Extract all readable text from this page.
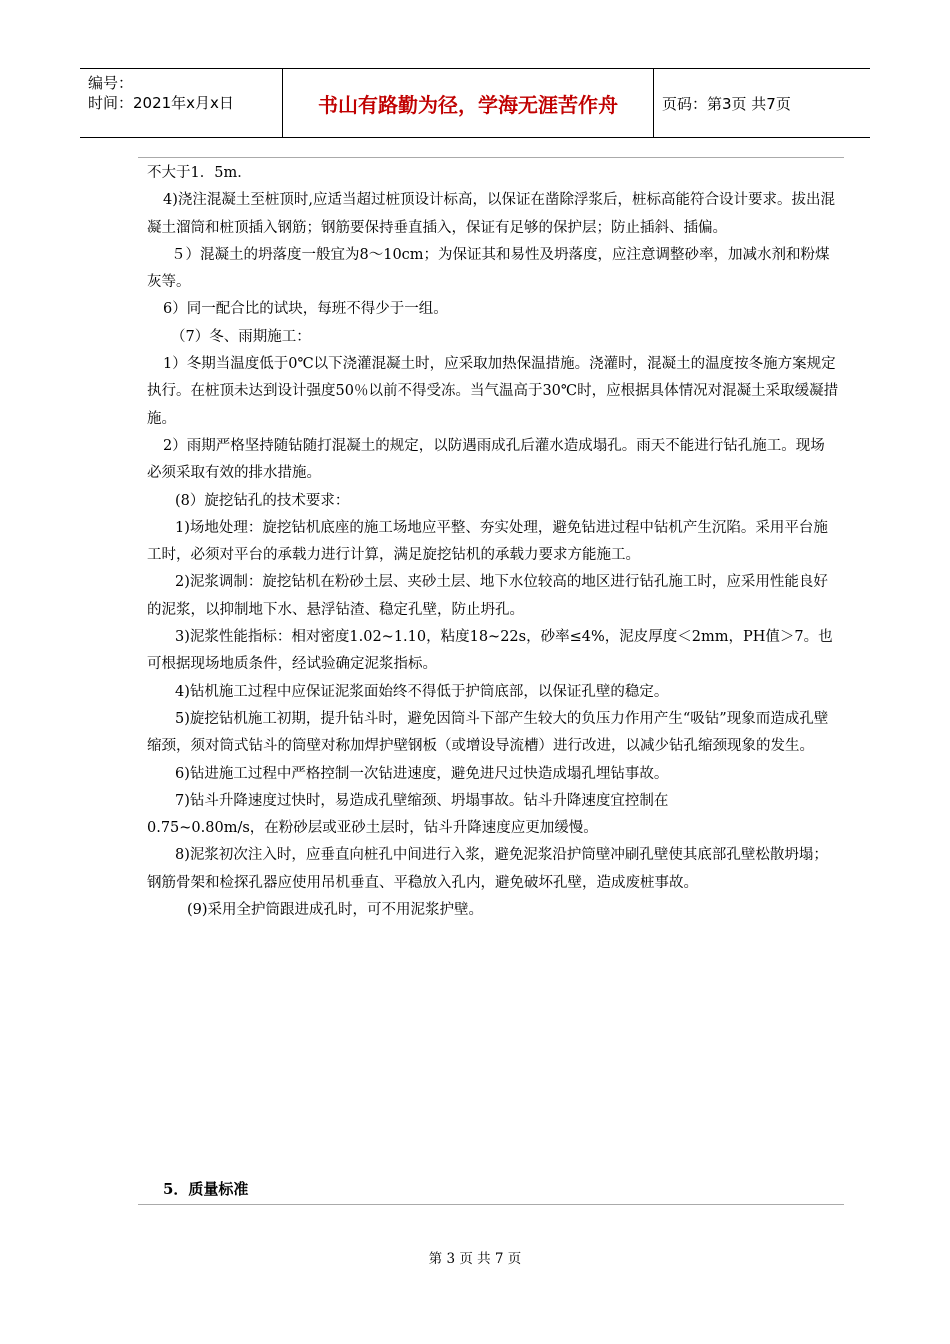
编号：
时间：2021年x月x日	书山有路勤为径，学海无涯苦作舟	页码：第3页 共7页

不大于1．5m．

4)浇注混凝土至桩顶时,应适当超过桩顶设计标高，以保证在凿除浮浆后，桩标高能符合设计要求。拔出混凝土溜筒和桩顶插入钢筋；钢筋要保持垂直插入，保证有足够的保护层；防止插斜、插偏。

５）混凝土的坍落度一般宜为8～10cm；为保证其和易性及坍落度，应注意调整砂率，加减水剂和粉煤灰等。

6）同一配合比的试块，每班不得少于一组。

（7）冬、雨期施工：

1）冬期当温度低于0℃以下浇灌混凝土时，应采取加热保温措施。浇灌时，混凝土的温度按冬施方案规定执行。在桩顶未达到设计强度50％以前不得受冻。当气温高于30℃时，应根据具体情况对混凝土采取缓凝措施。

2）雨期严格坚持随钻随打混凝土的规定，以防遇雨成孔后灌水造成塌孔。雨天不能进行钻孔施工。现场必须采取有效的排水措施。

(8）旋挖钻孔的技术要求：

1)场地处理：旋挖钻机底座的施工场地应平整、夯实处理，避免钻进过程中钻机产生沉陷。采用平台施工时，必须对平台的承载力进行计算，满足旋挖钻机的承载力要求方能施工。

2)泥浆调制：旋挖钻机在粉砂土层、夹砂土层、地下水位较高的地区进行钻孔施工时，应采用性能良好的泥浆，以抑制地下水、悬浮钻渣、稳定孔壁，防止坍孔。

3)泥浆性能指标：相对密度1.02~1.10，粘度18~22s，砂率≤4%，泥皮厚度＜2mm，PH值＞7。也可根据现场地质条件，经试验确定泥浆指标。

4)钻机施工过程中应保证泥浆面始终不得低于护筒底部，以保证孔壁的稳定。

5)旋挖钻机施工初期，提升钻斗时，避免因筒斗下部产生较大的负压力作用产生“吸钻”现象而造成孔壁缩颈，须对筒式钻斗的筒壁对称加焊护壁钢板（或增设导流槽）进行改进，以减少钻孔缩颈现象的发生。

6)钻进施工过程中严格控制一次钻进速度，避免进尺过快造成塌孔埋钻事故。

7)钻斗升降速度过快时，易造成孔壁缩颈、坍塌事故。钻斗升降速度宜控制在

0.75~0.80m/s，在粉砂层或亚砂土层时，钻斗升降速度应更加缓慢。

8)泥浆初次注入时，应垂直向桩孔中间进行入浆，避免泥浆沿护筒壁冲刷孔壁使其底部孔壁松散坍塌；钢筋骨架和检探孔器应使用吊机垂直、平稳放入孔内，避免破坏孔壁，造成废桩事故。

(9)采用全护筒跟进成孔时，可不用泥浆护壁。

5．质量标准
第 3 页 共 7 页
